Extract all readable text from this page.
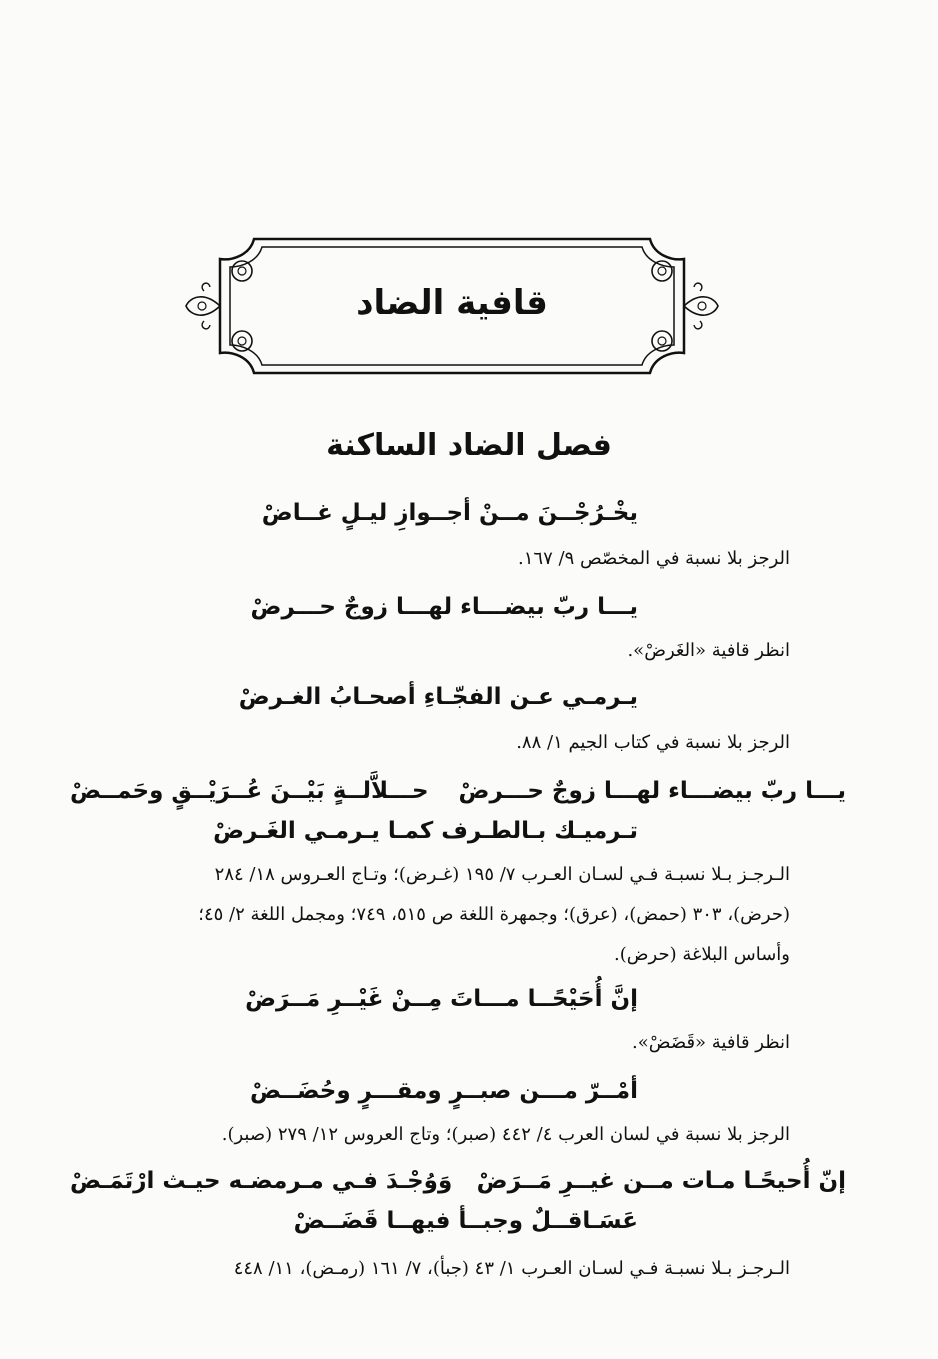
قافية الضاد
فصل الضاد الساكنة
يخْـرُجْــنَ مــنْ أجــوازِ ليـلٍ غــاضْ
الرجز بلا نسبة في المخصّص ٩/ ١٦٧.
يـــا ربّ بيضـــاء لهـــا زوجٌ حـــرضْ
انظر قافية «الغَرضْ».
يـرمـي عـن الفجّـاءِ أصحـابُ الغـرضْ
الرجز بلا نسبة في كتاب الجيم ١/ ٨٨.
يـــا ربّ بيضـــاء لهـــا زوجٌ حـــرضْ
حـــلاَّلــةٍ بَيْــنَ عُــرَيْــقٍ وحَمــضْ
تـرميـك بـالطـرف كمـا يـرمـي الغَـرضْ
الـرجـز بـلا نسبـة فـي لسـان العـرب ٧/ ١٩٥ (غـرض)؛ وتـاج العـروس ١٨/ ٢٨٤
(حرض)، ٣٠٣ (حمض)، (عرق)؛ وجمهرة اللغة ص ٥١٥، ٧٤٩؛ ومجمل اللغة ٢/ ٤٥؛
وأساس البلاغة (حرض).
إنَّ أُحَيْحًــا مـــاتَ مِــنْ غَيْــرِ مَــرَضْ
انظر قافية «قَضَضْ».
أمْــرّ مـــن صبــرٍ ومقـــرٍ وحُضَــضْ
الرجز بلا نسبة في لسان العرب ٤/ ٤٤٢ (صبر)؛ وتاج العروس ١٢/ ٢٧٩ (صبر).
إنّ أُحيحًـا مـات مــن غيــرِ مَــرَضْ
وَوُجْـدَ فـي مـرمضـه حيـث ارْتَمَـضْ
عَسَـاقــلٌ وجبــأ فيهــا قَضَــضْ
الـرجـز بـلا نسبـة فـي لسـان العـرب ١/ ٤٣ (جبأ)، ٧/ ١٦١ (رمـض)، ١١/ ٤٤٨
